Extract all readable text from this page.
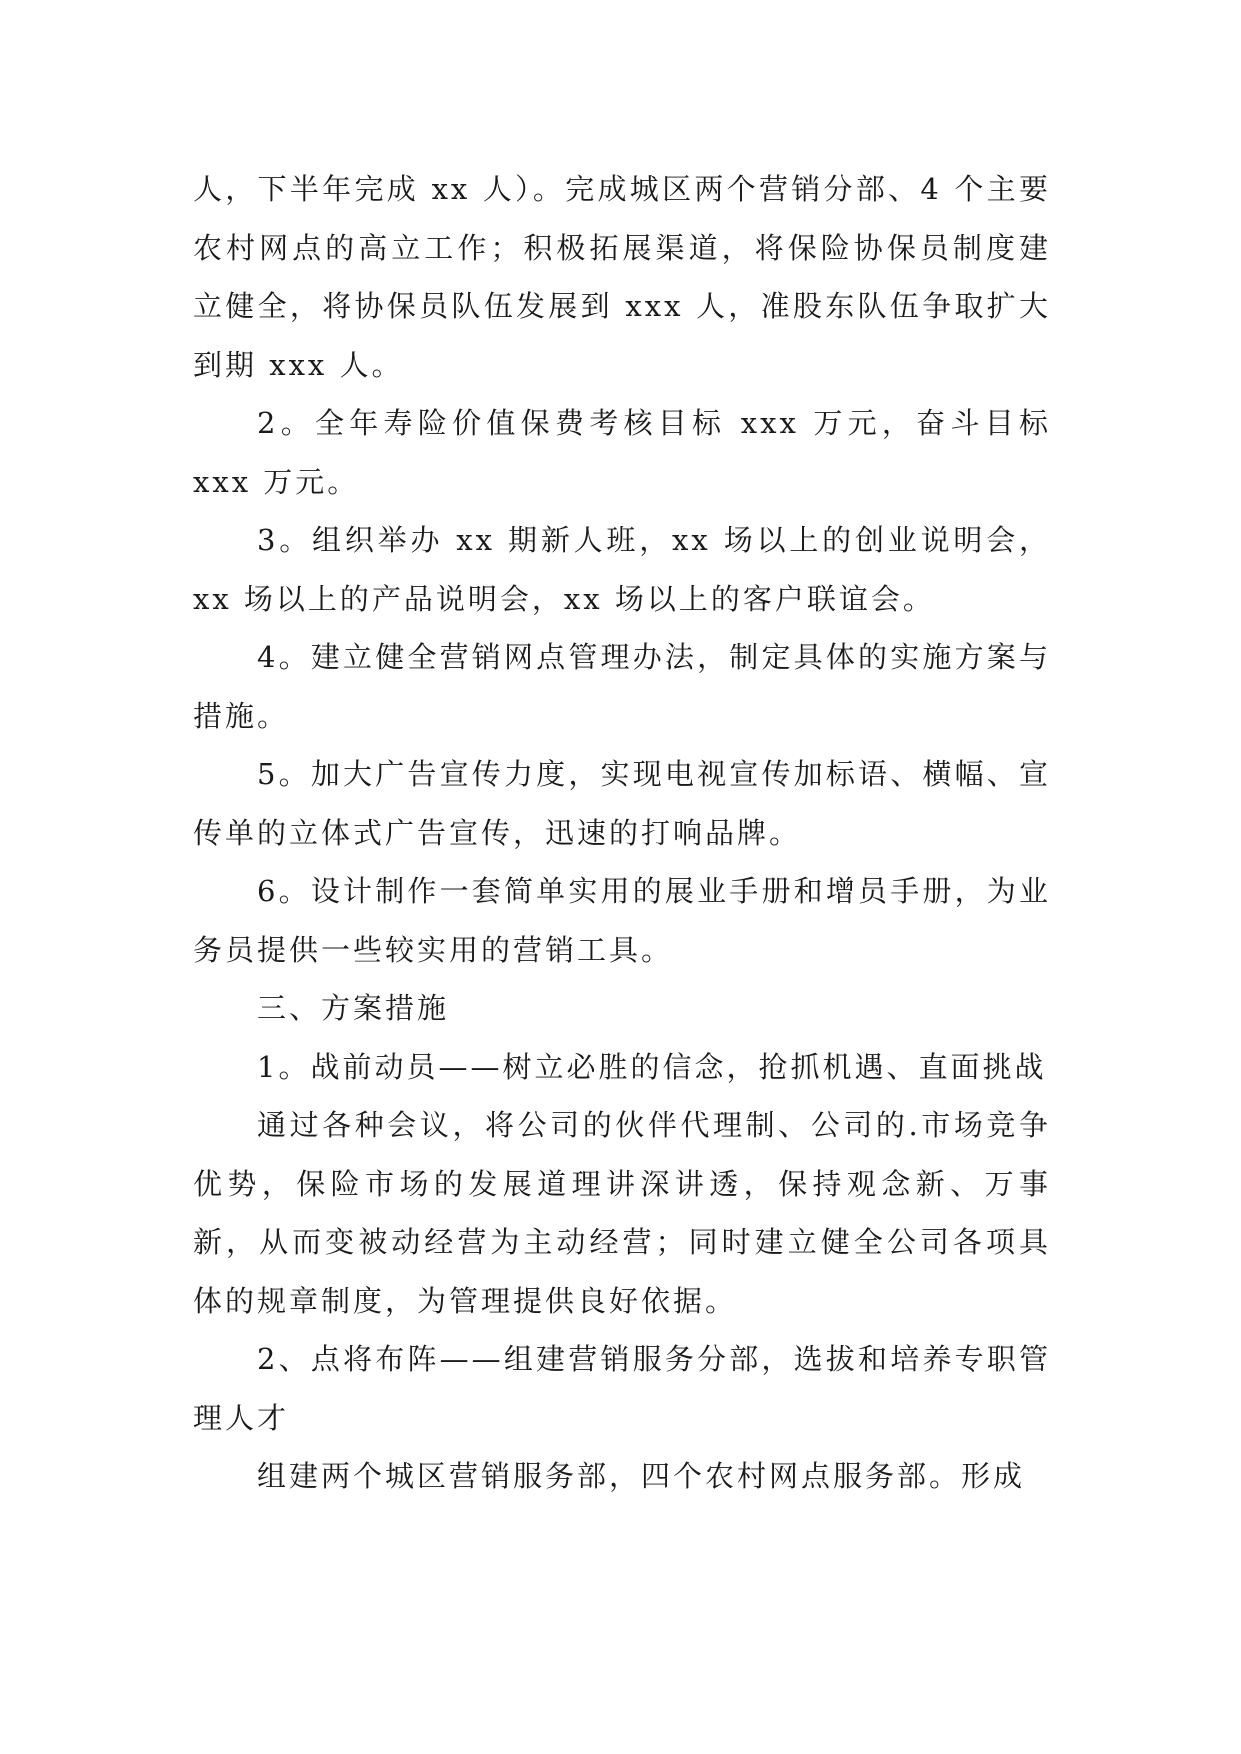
人，下半年完成 xx 人）。完成城区两个营销分部、4 个主要农村网点的高立工作；积极拓展渠道，将保险协保员制度建立健全，将协保员队伍发展到 xxx 人，准股东队伍争取扩大到期 xxx 人。

2。全年寿险价值保费考核目标 xxx 万元，奋斗目标 xxx 万元。

3。组织举办 xx 期新人班，xx 场以上的创业说明会，xx 场以上的产品说明会，xx 场以上的客户联谊会。

4。建立健全营销网点管理办法，制定具体的实施方案与措施。

5。加大广告宣传力度，实现电视宣传加标语、横幅、宣传单的立体式广告宣传，迅速的打响品牌。

6。设计制作一套简单实用的展业手册和增员手册，为业务员提供一些较实用的营销工具。

三、方案措施

1。战前动员——树立必胜的信念，抢抓机遇、直面挑战

通过各种会议，将公司的伙伴代理制、公司的.市场竞争优势，保险市场的发展道理讲深讲透，保持观念新、万事新，从而变被动经营为主动经营；同时建立健全公司各项具体的规章制度，为管理提供良好依据。

2、点将布阵——组建营销服务分部，选拔和培养专职管理人才

组建两个城区营销服务部，四个农村网点服务部。形成
